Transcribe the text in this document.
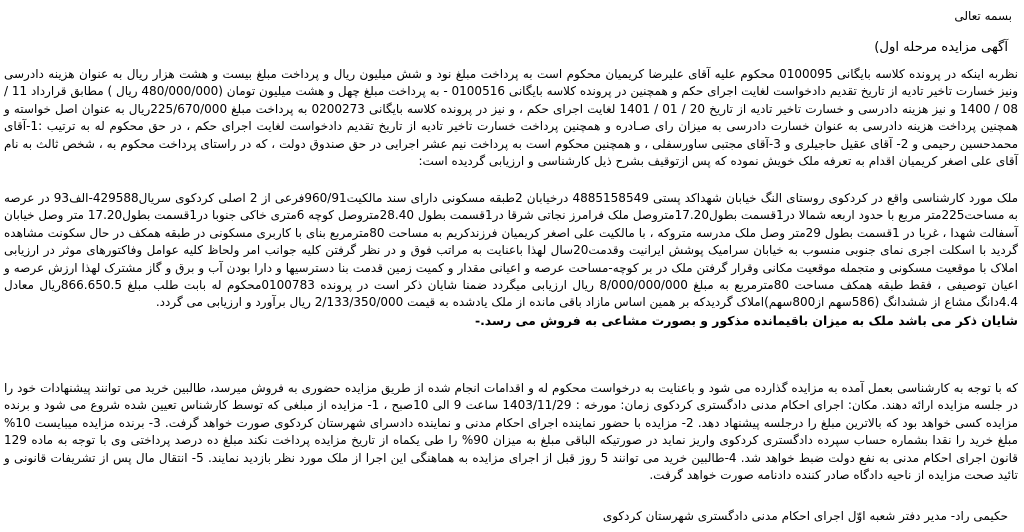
بسمه تعالی
آگهی مزایده مرحله اول)

نظربه اینکه در پرونده کلاسه بایگانی 0100095 محکوم علیه آقای علیرضا کریمیان محکوم است به پرداخت مبلغ نود و شش میلیون ریال و پرداخت مبلغ بیست و هشت هزار ریال به عنوان هزینه دادرسی ونیز خسارت تاخیر تادیه از تاریخ تقدیم دادخواست لغایت اجرای حکم و همچنین در پرونده کلاسه بایگانی 0100516 - به پرداخت مبلغ چهل و هشت میلیون تومان (480/000/000 ریال ) مطابق قرارداد 11 / 08 / 1400 و نیز هزینه دادرسی و خسارت تاخیر تادیه از تاریخ 20 / 01 / 1401 لغایت اجرای حکم ، و نیز در پرونده کلاسه بایگانی 0200273 به پرداخت مبلغ 225/670/000ریال به عنوان اصل خواسته و همچنین پرداخت هزینه دادرسی به عنوان خسارت دادرسی به میزان رای صـادره و همچنین پرداخت خسارت تاخیر تادیه از تاریخ تقدیم دادخواست لغایت اجرای حکم ، در حق محکوم له به ترتیب :1-آقای محمدحسین رحیمی و 2- آقای عقیل حاجیلری و 3-آقای مجتبی ساورسفلی ، و همچنین محکوم است به پرداخت نیم عشر اجرایی در حق صندوق دولت ، که در راستای پرداخت محکوم به ، شخص ثالث به نام آقای علی اصغر کریمیان اقدام به تعرفه ملک خویش نموده که پس ازتوقیف بشرح ذیل کارشناسی و ارزیابی گردیده است:

ملک مورد کارشناسی واقع در کردکوی روستای النگ خیابان شهداکد پستی 4885158549 درخیابان 2طبقه مسکونی دارای سند مالکیت960/91فرعی از 2 اصلی کردکوی سریال429588-الف93 در عرصه به مساحت225متر مربع با حدود اربعه شمالا در1قسمت بطول17.20متروصل ملک فرامرز نجاتی شرقا در1قسمت بطول 28.40متروصل کوچه 6متری خاکی جنوبا در1قسمت بطول17.20 متر وصل خیابان آسفالت شهدا ، غربا در 1قسمت بطول 29متر وصل ملک مدرسه متروکه ، با مالکیت علی اصغر کریمیان فرزندکریم به مساحت 80مترمربع بنای با کاربری مسکونی در طبقه همکف در حال سکونت مشاهده گردید با اسکلت اجری نمای جنوبی منسوب به خیابان سرامیک پوشش ایرانیت وقدمت20سال لهذا باعنایت به مراتب فوق و در نظر گرفتن کلیه جوانب امر ولحاظ کلیه عوامل وفاکتورهای موثر در ارزیابی املاک با موقعیت مسکونی و متجمله موقعیت مکانی وقرار گرفتن ملک در بر کوچه-مساحت عرصه و اعیانی مقدار و کمیت زمین قدمت بنا دسترسیها و دارا بودن آب و برق و گاز مشترک لهذا ارزش عرصه و اعیان توصیفی ، فقط طبقه همکف مساحت 80مترمربع به مبلغ 8/000/000/000 ریال ارزیابی میگردد ضمنا شایان ذکر است در پرونده 0100783محکوم له بابت طلب مبلغ 866.650.5ریال معادل 4.4دانگ مشاع از ششدانگ (586سهم از800سهم)املاک گردیدکه بر همین اساس مازاد باقی مانده از ملک یادشده به قیمت 2/133/350/000 ریال برآورد و ارزیابی می گردد.
شایان ذکر می باشد ملک به میزان باقیمانده مذکور و بصورت مشاعی به فروش می رسد.-

که با توجه به کارشناسی بعمل آمده به مزایده گذارده می شود و باعنایت به درخواست محکوم له و اقدامات انجام شده از طریق مزایده حضوری به فروش میرسد، طالبین خرید می توانند پیشنهادات خود را در جلسه مزایده ارائه دهند. مکان: اجرای احکام مدنی دادگستری کردکوی زمان: مورخه : 1403/11/29 ساعت 9 الی 10صبح ، 1- مزایده از مبلغی که توسط کارشناس تعیین شده شروع می شود و برنده مزایده کسی خواهد بود که بالاترین مبلغ را درجلسه پیشنهاد دهد. 2- مزایده با حضور نماینده اجرای احکام مدنی و نماینده دادسرای شهرستان کردکوی صورت خواهد گرفت. 3- برنده مزایده میبایست 10% مبلغ خرید را نقدا بشماره حساب سپرده دادگستری کردکوی واریز نماید در صورتیکه الباقی مبلغ به میزان 90% را طی یکماه از تاریخ مزایده پرداخت نکند مبلغ ده درصد پرداختی وی با توجه به ماده 129 قانون اجرای احکام مدنی به نفع دولت ضبط خواهد شد. 4-طالبین خرید می توانند 5 روز قبل از اجرای مزایده به هماهنگی این اجرا از ملک مورد نظر بازدید نمایند. 5- انتقال مال پس از تشریفات قانونی و تائید صحت مزایده از ناحیه دادگاه صادر کننده دادنامه صورت خواهد گرفت.

حکیمی راد- مدیر دفتر شعبه اوّل اجرای احکام مدنی دادگستری شهرستان کردکوی
